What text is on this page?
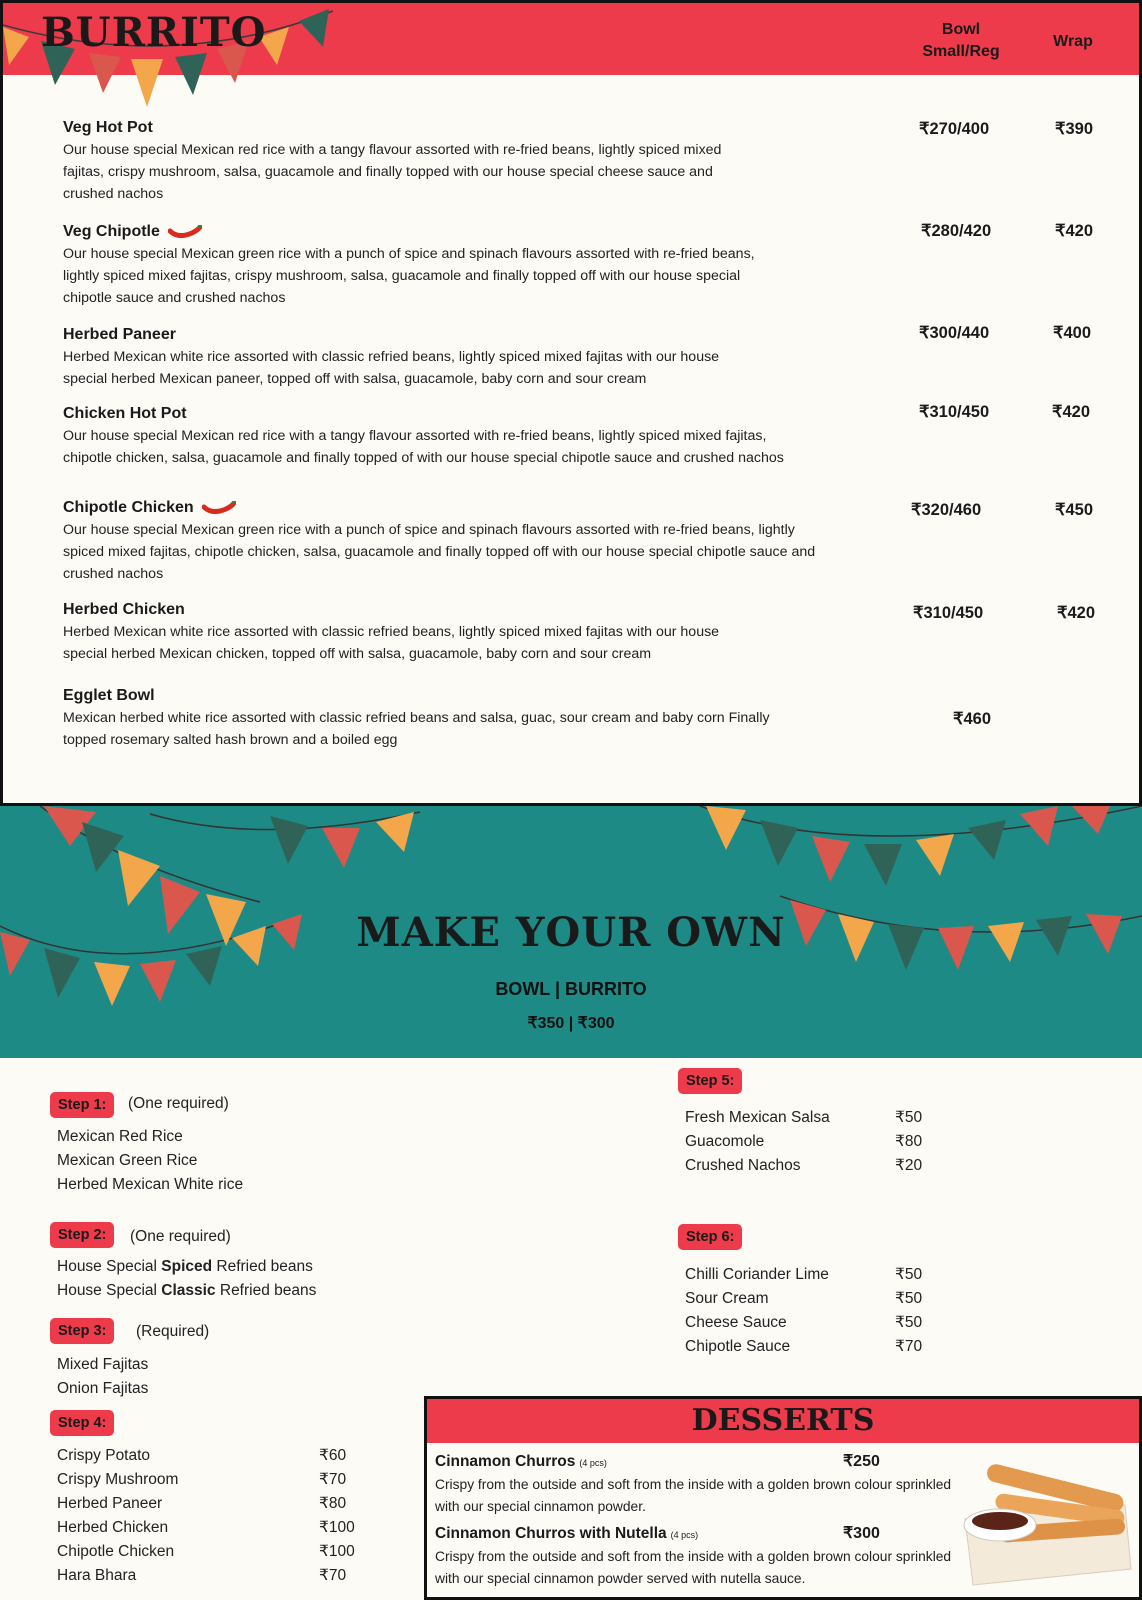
BURRITO	Bowl
Small/Reg
Wrap
Veg Hot Pot
Our house special Mexican red rice with a tangy flavour assorted with re-fried beans, lightly spiced mixed fajitas, crispy mushroom, salsa, guacamole and finally topped with our house special cheese sauce and crushed nachos
₹270/400	₹390
Veg Chipotle
Our house special Mexican green rice with a punch of spice and spinach flavours assorted with re-fried beans, lightly spiced mixed fajitas, crispy mushroom, salsa, guacamole and finally topped off with our house special chipotle sauce and crushed nachos
₹280/420	₹420
Herbed Paneer
Herbed Mexican white rice assorted with classic refried beans, lightly spiced mixed fajitas with our house special herbed Mexican paneer, topped off with salsa, guacamole, baby corn and sour cream
₹300/440	₹400
Chicken Hot Pot
Our house special Mexican red rice with a tangy flavour assorted with re-fried beans, lightly spiced mixed fajitas, chipotle chicken, salsa, guacamole and finally topped of with our house special chipotle sauce and crushed nachos
₹310/450	₹420
Chipotle Chicken
Our house special Mexican green rice with a punch of spice and spinach flavours assorted with re-fried beans, lightly spiced mixed fajitas, chipotle chicken, salsa, guacamole and finally topped off with our house special chipotle sauce and crushed nachos
₹320/460	₹450
Herbed Chicken
Herbed Mexican white rice assorted with classic refried beans, lightly spiced mixed fajitas with our house special herbed Mexican chicken, topped off with salsa, guacamole, baby corn and sour cream
₹310/450	₹420
Egglet Bowl
Mexican herbed white rice assorted with classic refried beans and salsa, guac, sour cream and baby corn Finally topped rosemary salted hash brown and a boiled egg
₹460
MAKE YOUR OWN
BOWL | BURRITO
₹350 | ₹300
Step 1:	(One required)
Mexican Red Rice
Mexican Green Rice
Herbed Mexican White rice
Step 2:	(One required)
House Special Spiced Refried beans
House Special Classic Refried beans
Step 3:	(Required)
Mixed Fajitas
Onion Fajitas
Step 4:
Crispy Potato	₹60
Crispy Mushroom	₹70
Herbed Paneer	₹80
Herbed Chicken	₹100
Chipotle Chicken	₹100
Hara Bhara	₹70
Step 5:
Fresh Mexican Salsa	₹50
Guacomole	₹80
Crushed Nachos	₹20
Step 6:
Chilli Coriander Lime	₹50
Sour Cream	₹50
Cheese Sauce	₹50
Chipotle Sauce	₹70
DESSERTS
Cinnamon Churros (4 pcs)
Crispy from the outside and soft from the inside with a golden brown colour sprinkled with our special cinnamon powder.
₹250
Cinnamon Churros with Nutella (4 pcs)
Crispy from the outside and soft from the inside with a golden brown colour sprinkled with our special cinnamon powder served with nutella sauce.
₹300
